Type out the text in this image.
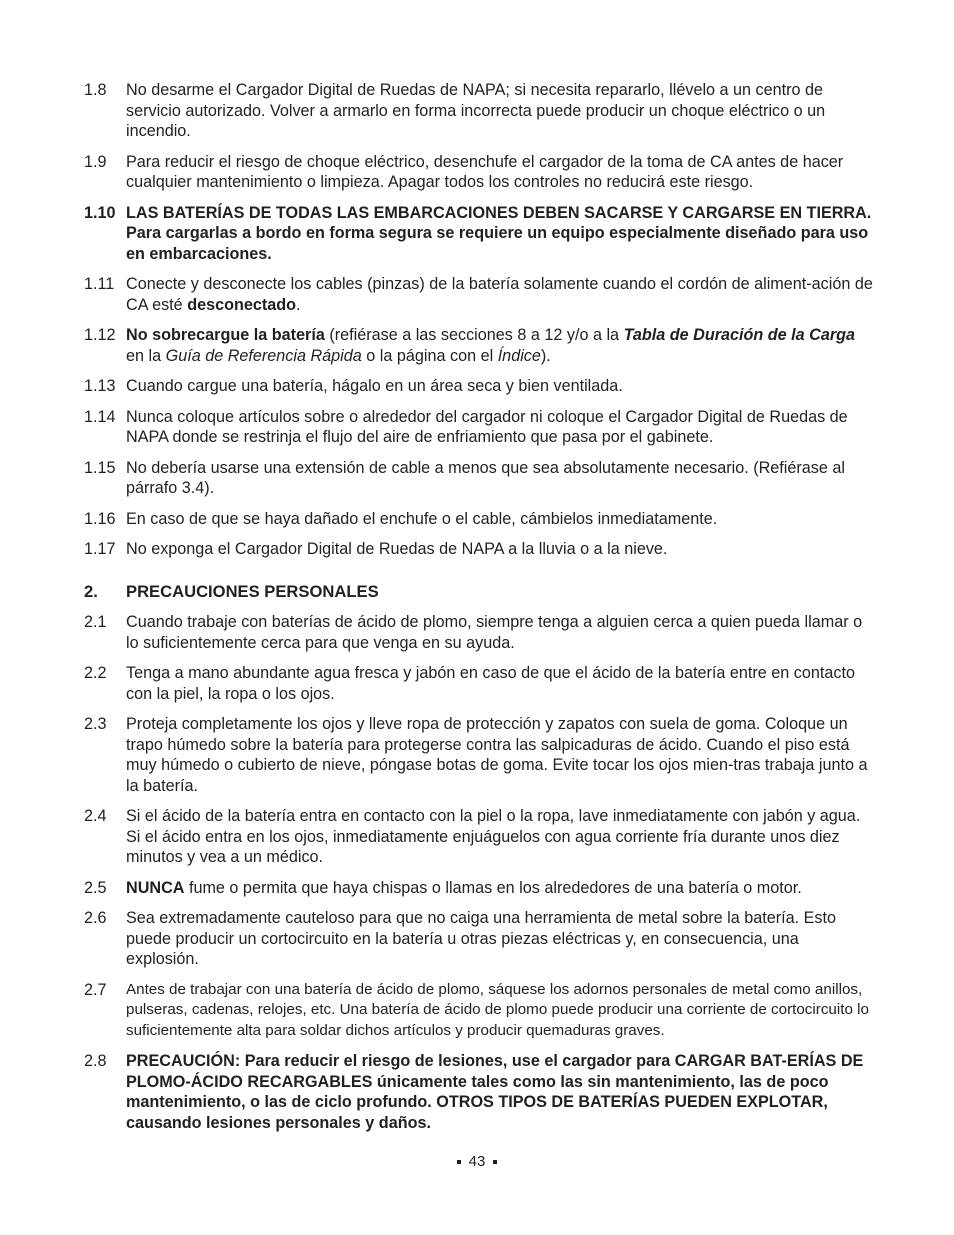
1.8	No desarme el Cargador Digital de Ruedas de NAPA; si necesita repararlo, llévelo a un centro de servicio autorizado. Volver a armarlo en forma incorrecta puede producir un choque eléctrico o un incendio.
1.9	Para reducir el riesgo de choque eléctrico, desenchufe el cargador de la toma de CA antes de hacer cualquier mantenimiento o limpieza. Apagar todos los controles no reducirá este riesgo.
1.10 LAS BATERÍAS DE TODAS LAS EMBARCACIONES DEBEN SACARSE Y CARGARSE EN TIERRA. Para cargarlas a bordo en forma segura se requiere un equipo especialmente diseñado para uso en embarcaciones.
1.11 Conecte y desconecte los cables (pinzas) de la batería solamente cuando el cordón de aliment-ación de CA esté desconectado.
1.12 No sobrecargue la batería (refiérase a las secciones 8 a 12 y/o a la Tabla de Duración de la Carga en la Guía de Referencia Rápida o la página con el Índice).
1.13 Cuando cargue una batería, hágalo en un área seca y bien ventilada.
1.14 Nunca coloque artículos sobre o alrededor del cargador ni coloque el Cargador Digital de Ruedas de NAPA donde se restrinja el flujo del aire de enfriamiento que pasa por el gabinete.
1.15 No debería usarse una extensión de cable a menos que sea absolutamente necesario. (Refiérase al párrafo 3.4).
1.16 En caso de que se haya dañado el enchufe o el cable, cámbielos inmediatamente.
1.17 No exponga el Cargador Digital de Ruedas de NAPA a la lluvia o a la nieve.
2.	PRECAUCIONES PERSONALES
2.1	Cuando trabaje con baterías de ácido de plomo, siempre tenga a alguien cerca a quien pueda llamar o lo suficientemente cerca para que venga en su ayuda.
2.2	Tenga a mano abundante agua fresca y jabón en caso de que el ácido de la batería entre en contacto con la piel, la ropa o los ojos.
2.3	Proteja completamente los ojos y lleve ropa de protección y zapatos con suela de goma. Coloque un trapo húmedo sobre la batería para protegerse contra las salpicaduras de ácido. Cuando el piso está muy húmedo o cubierto de nieve, póngase botas de goma. Evite tocar los ojos mien-tras trabaja junto a la batería.
2.4	Si el ácido de la batería entra en contacto con la piel o la ropa, lave inmediatamente con jabón y agua. Si el ácido entra en los ojos, inmediatamente enjuáguelos con agua corriente fría durante unos diez minutos y vea a un médico.
2.5	NUNCA fume o permita que haya chispas o llamas en los alrededores de una batería o motor.
2.6	Sea extremadamente cauteloso para que no caiga una herramienta de metal sobre la batería. Esto puede producir un cortocircuito en la batería u otras piezas eléctricas y, en consecuencia, una explosión.
2.7	Antes de trabajar con una batería de ácido de plomo, sáquese los adornos personales de metal como anillos, pulseras, cadenas, relojes, etc. Una batería de ácido de plomo puede producir una corriente de cortocircuito lo suficientemente alta para soldar dichos artículos y producir quemaduras graves.
2.8	PRECAUCIÓN: Para reducir el riesgo de lesiones, use el cargador para CARGAR BAT-ERÍAS DE PLOMO-ÁCIDO RECARGABLES únicamente tales como las sin mantenimiento, las de poco mantenimiento, o las de ciclo profundo. OTROS TIPOS DE BATERÍAS PUEDEN EXPLOTAR, causando lesiones personales y daños.
43
